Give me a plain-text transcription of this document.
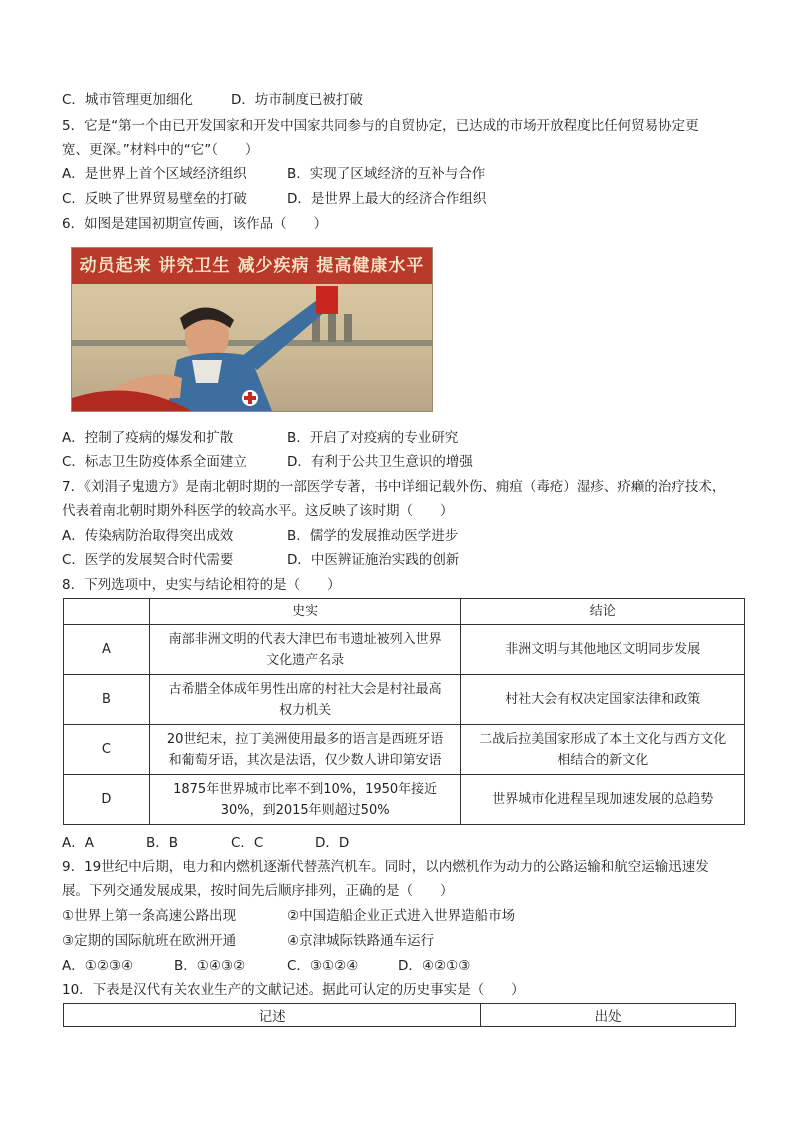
C．城市管理更加细化	D．坊市制度已被打破
5．它是“第一个由已开发国家和开发中国家共同参与的自贸协定，已达成的市场开放程度比任何贸易协定更
宽、更深。”材料中的“它”（　　）
A．是世界上首个区域经济组织	B．实现了区域经济的互补与合作
C．反映了世界贸易壁垒的打破	D．是世界上最大的经济合作组织
6．如图是建国初期宣传画，该作品（　　）
动员起来 讲究卫生 减少疾病 提高健康水平
A．控制了疫病的爆发和扩散	B．开启了对疫病的专业研究
C．标志卫生防疫体系全面建立	D．有利于公共卫生意识的增强
7．《刘涓子鬼遗方》是南北朝时期的一部医学专著，书中详细记载外伤、痈疽（毒疮）湿疹、疥癞的治疗技术，
代表着南北朝时期外科医学的较高水平。这反映了该时期（　　）
A．传染病防治取得突出成效	B．儒学的发展推动医学进步
C．医学的发展契合时代需要	D．中医辨证施治实践的创新
8．下列选项中，史实与结论相符的是（　　）
	史实	结论
A	南部非洲文明的代表大津巴布韦遗址被列入世界
文化遗产名录	非洲文明与其他地区文明同步发展
B	古希腊全体成年男性出席的村社大会是村社最高
权力机关	村社大会有权决定国家法律和政策
C	20世纪末，拉丁美洲使用最多的语言是西班牙语
和葡萄牙语，其次是法语，仅少数人讲印第安语	二战后拉美国家形成了本土文化与西方文化
相结合的新文化
D	1875年世界城市比率不到10%，1950年接近
30%，到2015年则超过50%	世界城市化进程呈现加速发展的总趋势
A．A	B．B	C．C	D．D
9．19世纪中后期，电力和内燃机逐渐代替蒸汽机车。同时，以内燃机作为动力的公路运输和航空运输迅速发
展。下列交通发展成果，按时间先后顺序排列，正确的是（　　）
①世界上第一条高速公路出现	②中国造船企业正式进入世界造船市场
③定期的国际航班在欧洲开通	④京津城际铁路通车运行
A．①②③④	B．①④③②	C．③①②④	D．④②①③
10．下表是汉代有关农业生产的文献记述。据此可认定的历史事实是（　　）
记述	出处
